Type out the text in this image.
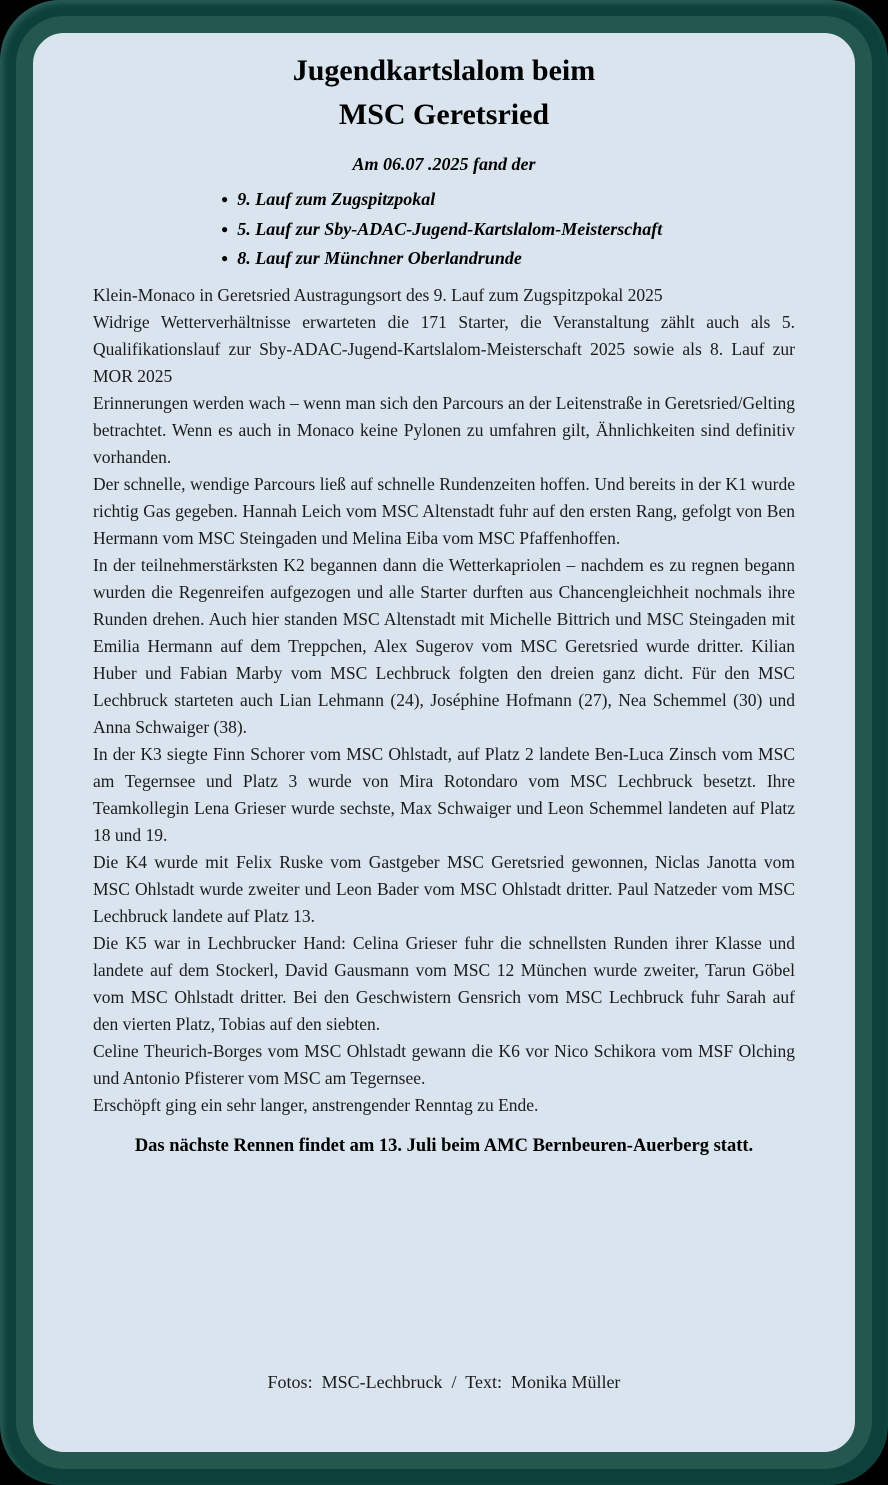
Jugendkartslalom beim
MSC Geretsried

Am 06.07 .2025 fand der

● 9. Lauf zum Zugspitzpokal
● 5. Lauf zur Sby-ADAC-Jugend-Kartslalom-Meisterschaft
● 8. Lauf zur Münchner Oberlandrunde

Klein-Monaco in Geretsried Austragungsort des 9. Lauf zum Zugspitzpokal 2025

Widrige Wetterverhältnisse erwarteten die 171 Starter, die Veranstaltung zählt auch als 5. Qualifikationslauf zur Sby-ADAC-Jugend-Kartslalom-Meisterschaft 2025 sowie als 8. Lauf zur MOR 2025

Erinnerungen werden wach – wenn man sich den Parcours an der Leitenstraße in Geretsried/Gelting betrachtet. Wenn es auch in Monaco keine Pylonen zu umfahren gilt, Ähnlichkeiten sind definitiv vorhanden.

Der schnelle, wendige Parcours ließ auf schnelle Rundenzeiten hoffen. Und bereits in der K1 wurde richtig Gas gegeben. Hannah Leich vom MSC Altenstadt fuhr auf den ersten Rang, gefolgt von Ben Hermann vom MSC Steingaden und Melina Eiba vom MSC Pfaffenhoffen.

In der teilnehmerstärksten K2 begannen dann die Wetterkapriolen – nachdem es zu regnen begann wurden die Regenreifen aufgezogen und alle Starter durften aus Chancengleichheit nochmals ihre Runden drehen. Auch hier standen MSC Altenstadt mit Michelle Bittrich und MSC Steingaden mit Emilia Hermann auf dem Treppchen, Alex Sugerov vom MSC Geretsried wurde dritter. Kilian Huber und Fabian Marby vom MSC Lechbruck folgten den dreien ganz dicht. Für den MSC Lechbruck starteten auch Lian Lehmann (24), Joséphine Hofmann (27), Nea Schemmel (30) und Anna Schwaiger (38).

In der K3 siegte Finn Schorer vom MSC Ohlstadt, auf Platz 2 landete Ben-Luca Zinsch vom MSC am Tegernsee und Platz 3 wurde von Mira Rotondaro vom MSC Lechbruck besetzt. Ihre Teamkollegin Lena Grieser wurde sechste, Max Schwaiger und Leon Schemmel landeten auf Platz 18 und 19.

Die K4 wurde mit Felix Ruske vom Gastgeber MSC Geretsried gewonnen, Niclas Janotta vom MSC Ohlstadt wurde zweiter und Leon Bader vom MSC Ohlstadt dritter. Paul Natzeder vom MSC Lechbruck landete auf Platz 13.

Die K5 war in Lechbrucker Hand: Celina Grieser fuhr die schnellsten Runden ihrer Klasse und landete auf dem Stockerl, David Gausmann vom MSC 12 München wurde zweiter, Tarun Göbel vom MSC Ohlstadt dritter. Bei den Geschwistern Gensrich vom MSC Lechbruck fuhr Sarah auf den vierten Platz, Tobias auf den siebten.

Celine Theurich-Borges vom MSC Ohlstadt gewann die K6 vor Nico Schikora vom MSF Olching und Antonio Pfisterer vom MSC am Tegernsee.

Erschöpft ging ein sehr langer, anstrengender Renntag zu Ende.

Das nächste Rennen findet am 13. Juli beim AMC Bernbeuren-Auerberg statt.

Fotos:  MSC-Lechbruck  /  Text:  Monika Müller
